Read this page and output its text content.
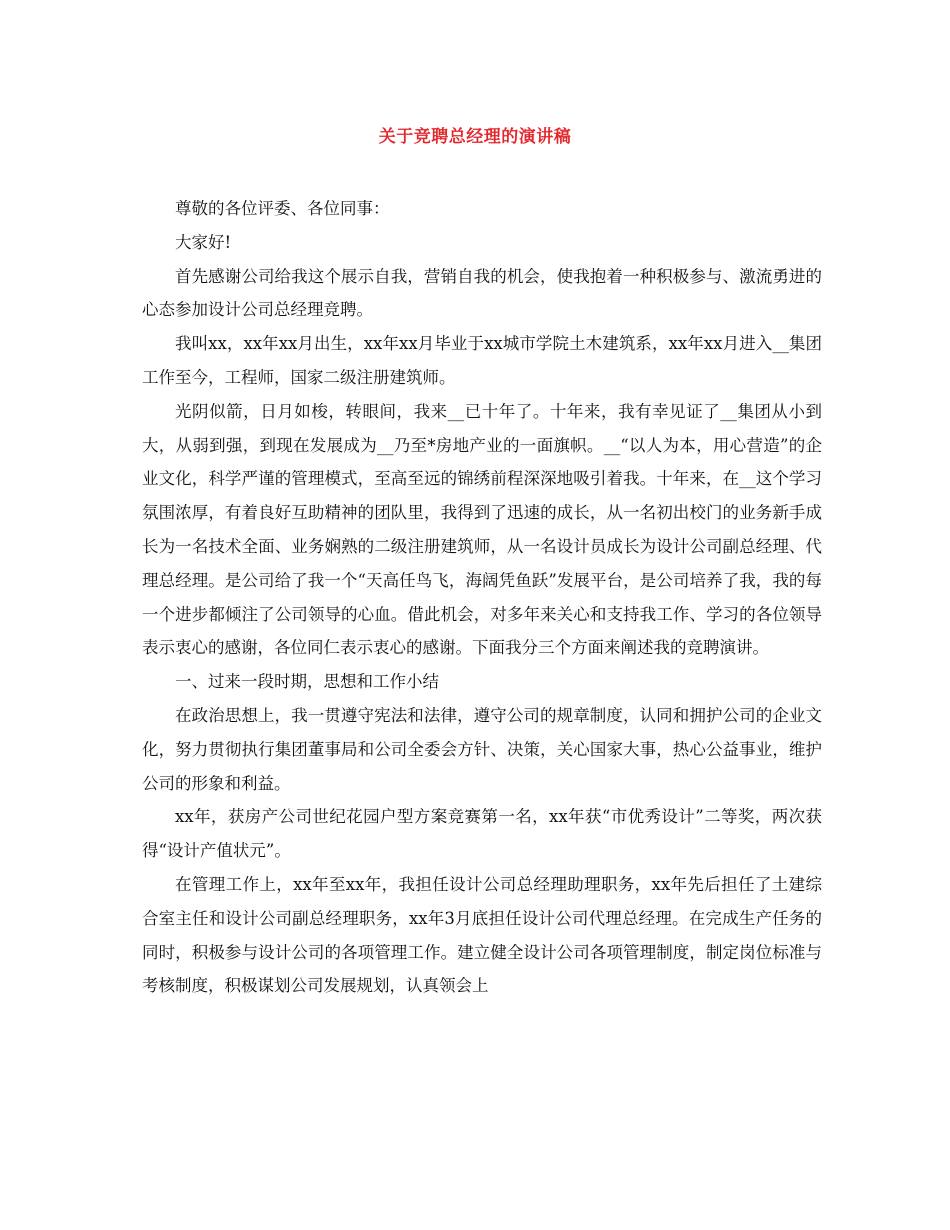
关于竞聘总经理的演讲稿

尊敬的各位评委、各位同事：

大家好!

首先感谢公司给我这个展示自我，营销自我的机会，使我抱着一种积极参与、激流勇进的心态参加设计公司总经理竞聘。

我叫xx，xx年xx月出生，xx年xx月毕业于xx城市学院土木建筑系，xx年xx月进入__集团工作至今，工程师，国家二级注册建筑师。

光阴似箭，日月如梭，转眼间，我来__已十年了。十年来，我有幸见证了__集团从小到大，从弱到强，到现在发展成为__乃至*房地产业的一面旗帜。__“以人为本，用心营造”的企业文化，科学严谨的管理模式，至高至远的锦绣前程深深地吸引着我。十年来，在__这个学习氛围浓厚，有着良好互助精神的团队里，我得到了迅速的成长，从一名初出校门的业务新手成长为一名技术全面、业务娴熟的二级注册建筑师，从一名设计员成长为设计公司副总经理、代理总经理。是公司给了我一个“天高任鸟飞，海阔凭鱼跃”发展平台，是公司培养了我，我的每一个进步都倾注了公司领导的心血。借此机会，对多年来关心和支持我工作、学习的各位领导表示衷心的感谢，各位同仁表示衷心的感谢。下面我分三个方面来阐述我的竞聘演讲。

一、过来一段时期，思想和工作小结

在政治思想上，我一贯遵守宪法和法律，遵守公司的规章制度，认同和拥护公司的企业文化，努力贯彻执行集团董事局和公司全委会方针、决策，关心国家大事，热心公益事业，维护公司的形象和利益。

xx年，获房产公司世纪花园户型方案竞赛第一名，xx年获“市优秀设计”二等奖，两次获得“设计产值状元”。

在管理工作上，xx年至xx年，我担任设计公司总经理助理职务，xx年先后担任了土建综合室主任和设计公司副总经理职务，xx年3月底担任设计公司代理总经理。在完成生产任务的同时，积极参与设计公司的各项管理工作。建立健全设计公司各项管理制度，制定岗位标准与考核制度，积极谋划公司发展规划，认真领会上
